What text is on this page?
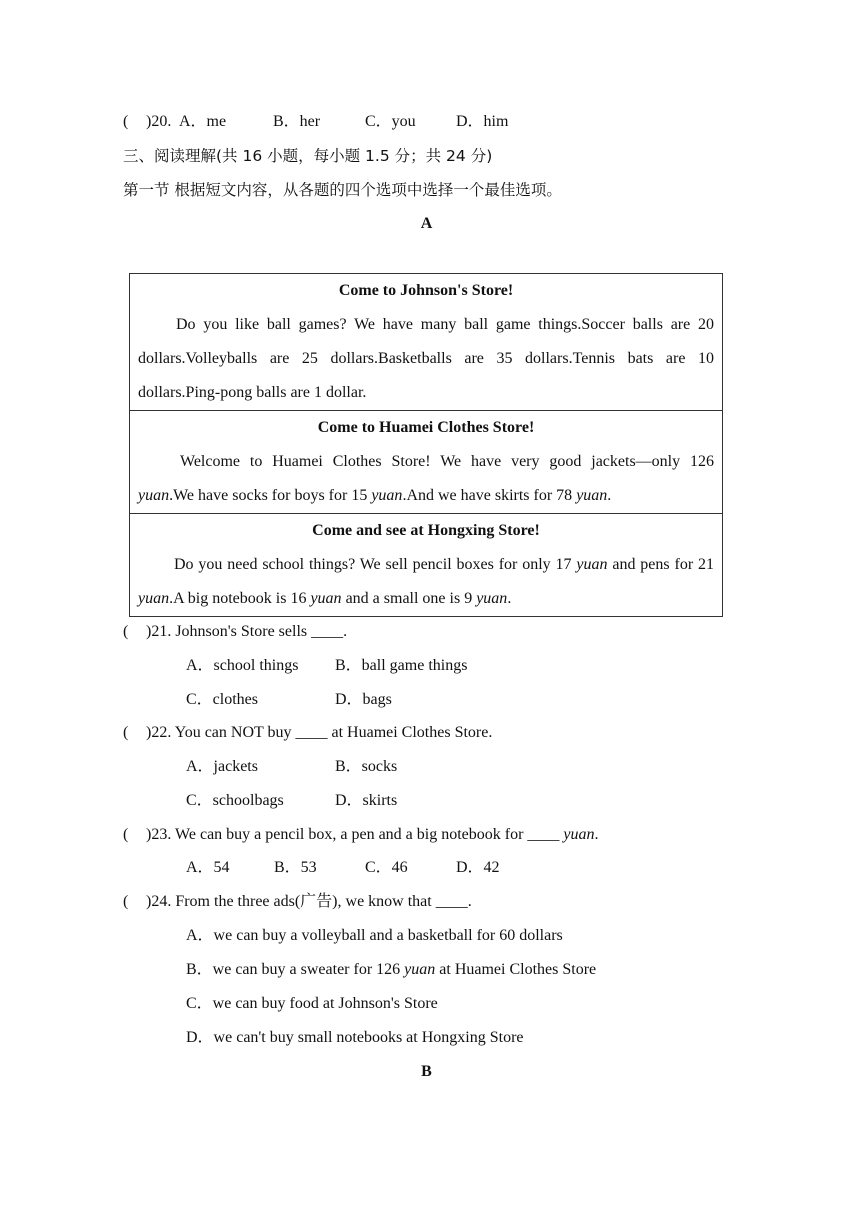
( )20. A．me	B．her	C．you	D．him
三、阅读理解(共 16 小题，每小题 1.5 分；共 24 分)
第一节 根据短文内容，从各题的四个选项中选择一个最佳选项。
A
Come to Johnson's Store!
Do you like ball games? We have many ball game things.Soccer balls are 20 dollars.Volleyballs are 25 dollars.Basketballs are 35 dollars.Tennis bats are 10 dollars.Ping-pong balls are 1 dollar.

Come to Huamei Clothes Store!
Welcome to Huamei Clothes Store! We have very good jackets—only 126 yuan.We have socks for boys for 15 yuan.And we have skirts for 78 yuan.

Come and see at Hongxing Store!
Do you need school things? We sell pencil boxes for only 17 yuan and pens for 21 yuan.A big notebook is 16 yuan and a small one is 9 yuan.
( )21. Johnson's Store sells ____.
A．school things B．ball game things
C．clothes	D．bags
( )22. You can NOT buy ____ at Huamei Clothes Store.
A．jackets	B．socks
C．schoolbags	D．skirts
( )23. We can buy a pencil box, a pen and a big notebook for ____ yuan.
A．54	B．53	C．46	D．42
( )24. From the three ads(广告), we know that ____.
A．we can buy a volleyball and a basketball for 60 dollars
B．we can buy a sweater for 126 yuan at Huamei Clothes Store
C．we can buy food at Johnson's Store
D．we can't buy small notebooks at Hongxing Store
B
